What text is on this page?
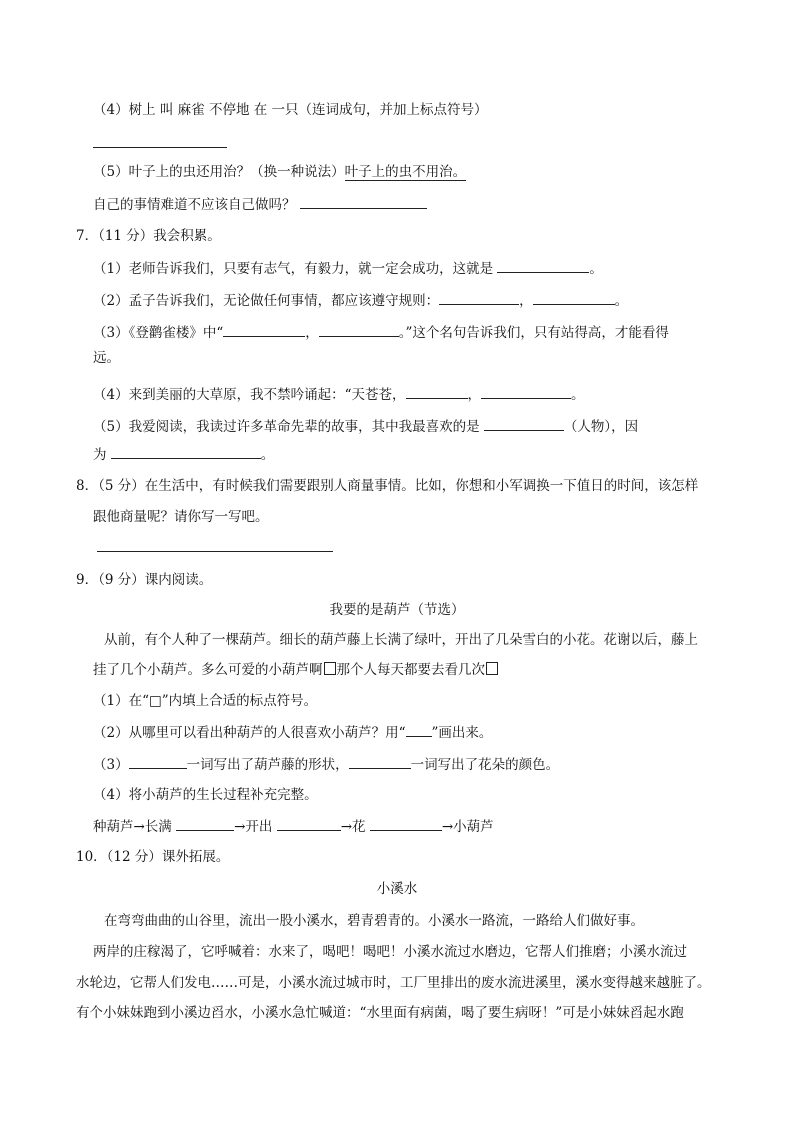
（4）树上 叫 麻雀 不停地 在 一只（连词成句，并加上标点符号）
（5）叶子上的虫还用治？（换一种说法）叶子上的虫不用治。
自己的事情难道不应该自己做吗？
7．（11 分）我会积累。
（1）老师告诉我们，只要有志气，有毅力，就一定会成功，这就是	。
（2）孟子告诉我们，无论做任何事情，都应该遵守规则：	，	。
（3）《登鹳雀楼》中“	，	。”这个名句告诉我们，只有站得高，才能看得
远。
（4）来到美丽的大草原，我不禁吟诵起：“天苍苍，	，	。
（5）我爱阅读，我读过许多革命先辈的故事，其中我最喜欢的是	（人物），因
为	。
8．（5 分）在生活中，有时候我们需要跟别人商量事情。比如，你想和小军调换一下值日的时间，该怎样
跟他商量呢？请你写一写吧。
9．（9 分）课内阅读。
我要的是葫芦（节选）
从前，有个人种了一棵葫芦。细长的葫芦藤上长满了绿叶，开出了几朵雪白的小花。花谢以后，藤上
挂了几个小葫芦。多么可爱的小葫芦啊 那个人每天都要去看几次
（1）在“□”内填上合适的标点符号。
（2）从哪里可以看出种葫芦的人很喜欢小葫芦？用“ ”画出来。
（3）	一词写出了葫芦藤的形状，	一词写出了花朵的颜色。
（4）将小葫芦的生长过程补充完整。
种葫芦→长满	→开出	→花	→小葫芦
10．（12 分）课外拓展。
小溪水
在弯弯曲曲的山谷里，流出一股小溪水，碧青碧青的。小溪水一路流，一路给人们做好事。
两岸的庄稼渴了，它呼喊着：水来了，喝吧！喝吧！小溪水流过水磨边，它帮人们推磨；小溪水流过
水轮边，它帮人们发电……可是，小溪水流过城市时，工厂里排出的废水流进溪里，溪水变得越来越脏了。
有个小妹妹跑到小溪边舀水，小溪水急忙喊道：“水里面有病菌，喝了要生病呀！”可是小妹妹舀起水跑
